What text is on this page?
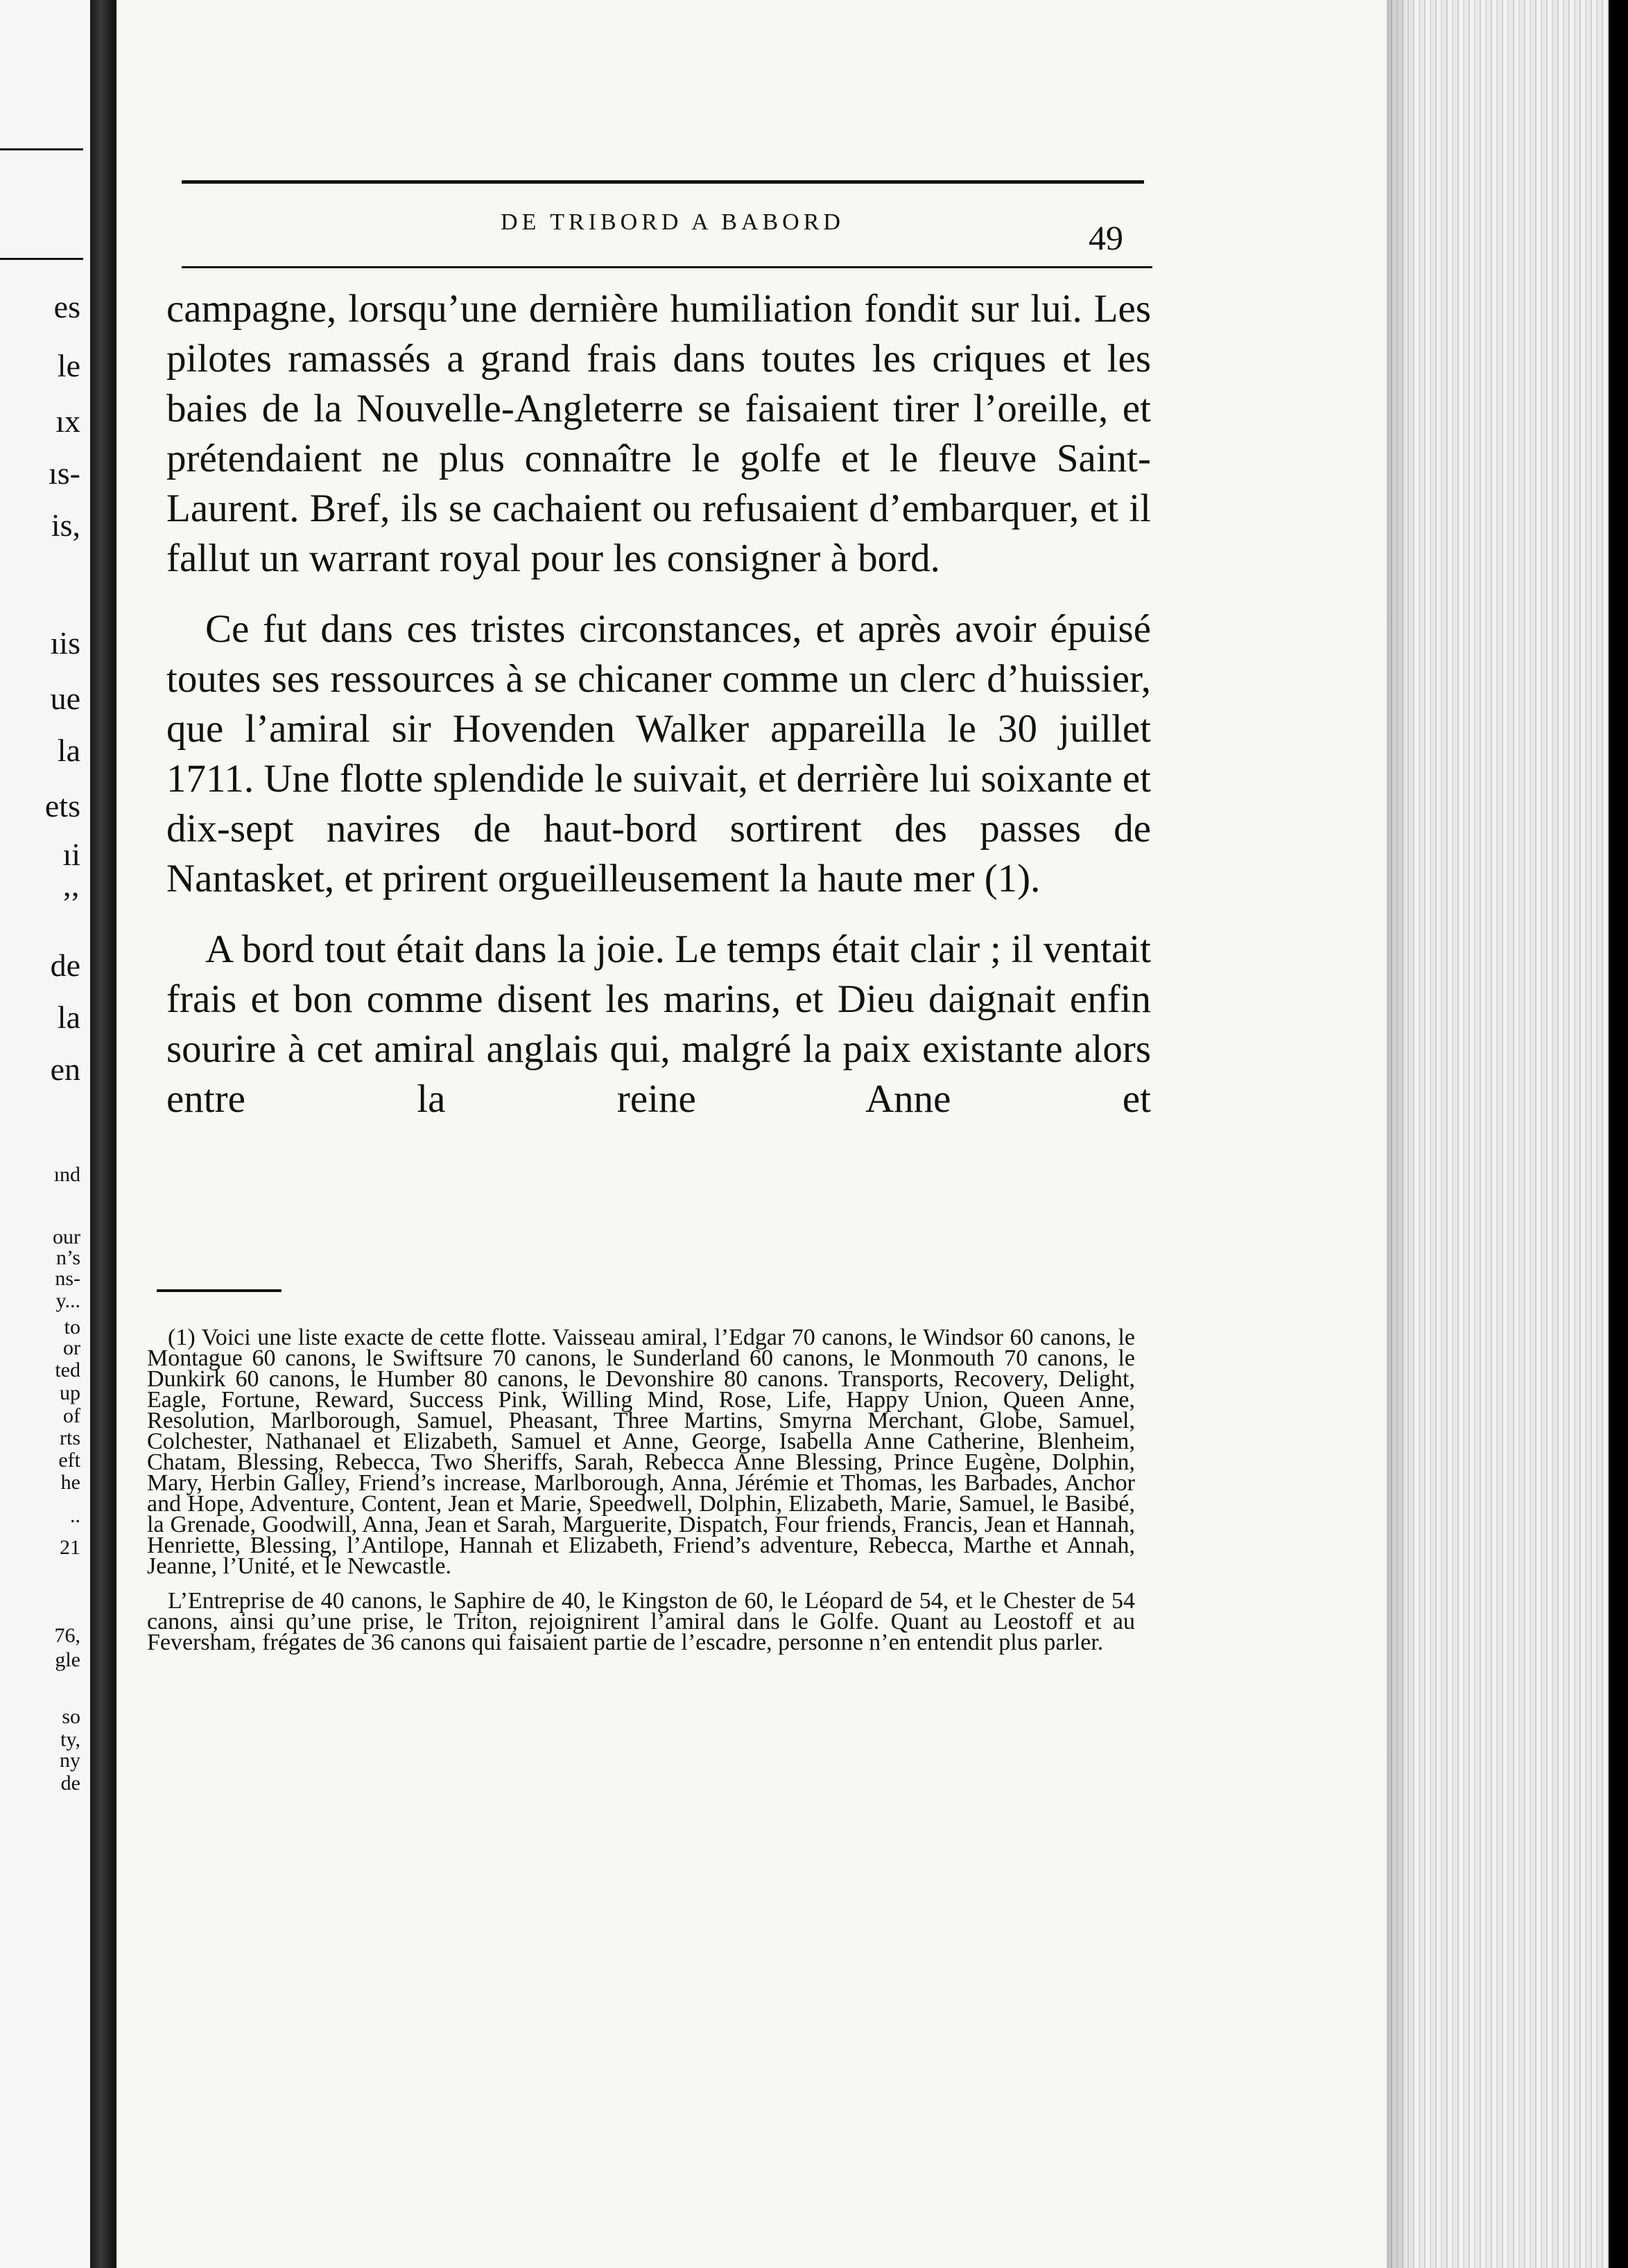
es
le
ıx
ıs-
is,
ıis
ue
la
ets
ıi
’’
de
la
en
ınd
our
n’s
ns-
y...
to
or
ted
up
of
rts
eft
he
..
21
76,
gle
so
ty,
ny
de
DE TRIBORD A BABORD	49

campagne, lorsqu’une dernière humiliation fondit sur lui. Les pilotes ramassés a grand frais dans toutes les criques et les baies de la Nouvelle-Angleterre se faisaient tirer l’oreille, et prétendaient ne plus connaître le golfe et le fleuve Saint-Laurent. Bref, ils se cachaient ou refusaient d’embarquer, et il fallut un warrant royal pour les consigner à bord.

Ce fut dans ces tristes circonstances, et après avoir épuisé toutes ses ressources à se chicaner comme un clerc d’huissier, que l’amiral sir Hovenden Walker appareilla le 30 juillet 1711. Une flotte splendide le suivait, et derrière lui soixante et dix-sept navires de haut-bord sortirent des passes de Nantasket, et prirent orgueilleusement la haute mer (1).

A bord tout était dans la joie. Le temps était clair ; il ventait frais et bon comme disent les marins, et Dieu daignait enfin sourire à cet amiral anglais qui, malgré la paix existante alors entre la reine Anne et

(1) Voici une liste exacte de cette flotte. Vaisseau amiral, l’Edgar 70 canons, le Windsor 60 canons, le Montague 60 canons, le Swiftsure 70 canons, le Sunderland 60 canons, le Monmouth 70 canons, le Dunkirk 60 canons, le Humber 80 canons, le Devonshire 80 canons. Transports, Recovery, Delight, Eagle, Fortune, Reward, Success Pink, Willing Mind, Rose, Life, Happy Union, Queen Anne, Resolution, Marlborough, Samuel, Pheasant, Three Martins, Smyrna Merchant, Globe, Samuel, Colchester, Nathanael et Elizabeth, Samuel et Anne, George, Isabella Anne Catherine, Blenheim, Chatam, Blessing, Rebecca, Two Sheriffs, Sarah, Rebecca Anne Blessing, Prince Eugène, Dolphin, Mary, Herbin Galley, Friend’s increase, Marlborough, Anna, Jérémie et Thomas, les Barbades, Anchor and Hope, Adventure, Content, Jean et Marie, Speedwell, Dolphin, Elizabeth, Marie, Samuel, le Basibé, la Grenade, Goodwill, Anna, Jean et Sarah, Marguerite, Dispatch, Four friends, Francis, Jean et Hannah, Henriette, Blessing, l’Antilope, Hannah et Elizabeth, Friend’s adventure, Rebecca, Marthe et Annah, Jeanne, l’Unité, et le Newcastle.

L’Entreprise de 40 canons, le Saphire de 40, le Kingston de 60, le Léopard de 54, et le Chester de 54 canons, ainsi qu’une prise, le Triton, rejoignirent l’amiral dans le Golfe. Quant au Leostoff et au Feversham, frégates de 36 canons qui faisaient partie de l’escadre, personne n’en entendit plus parler.
